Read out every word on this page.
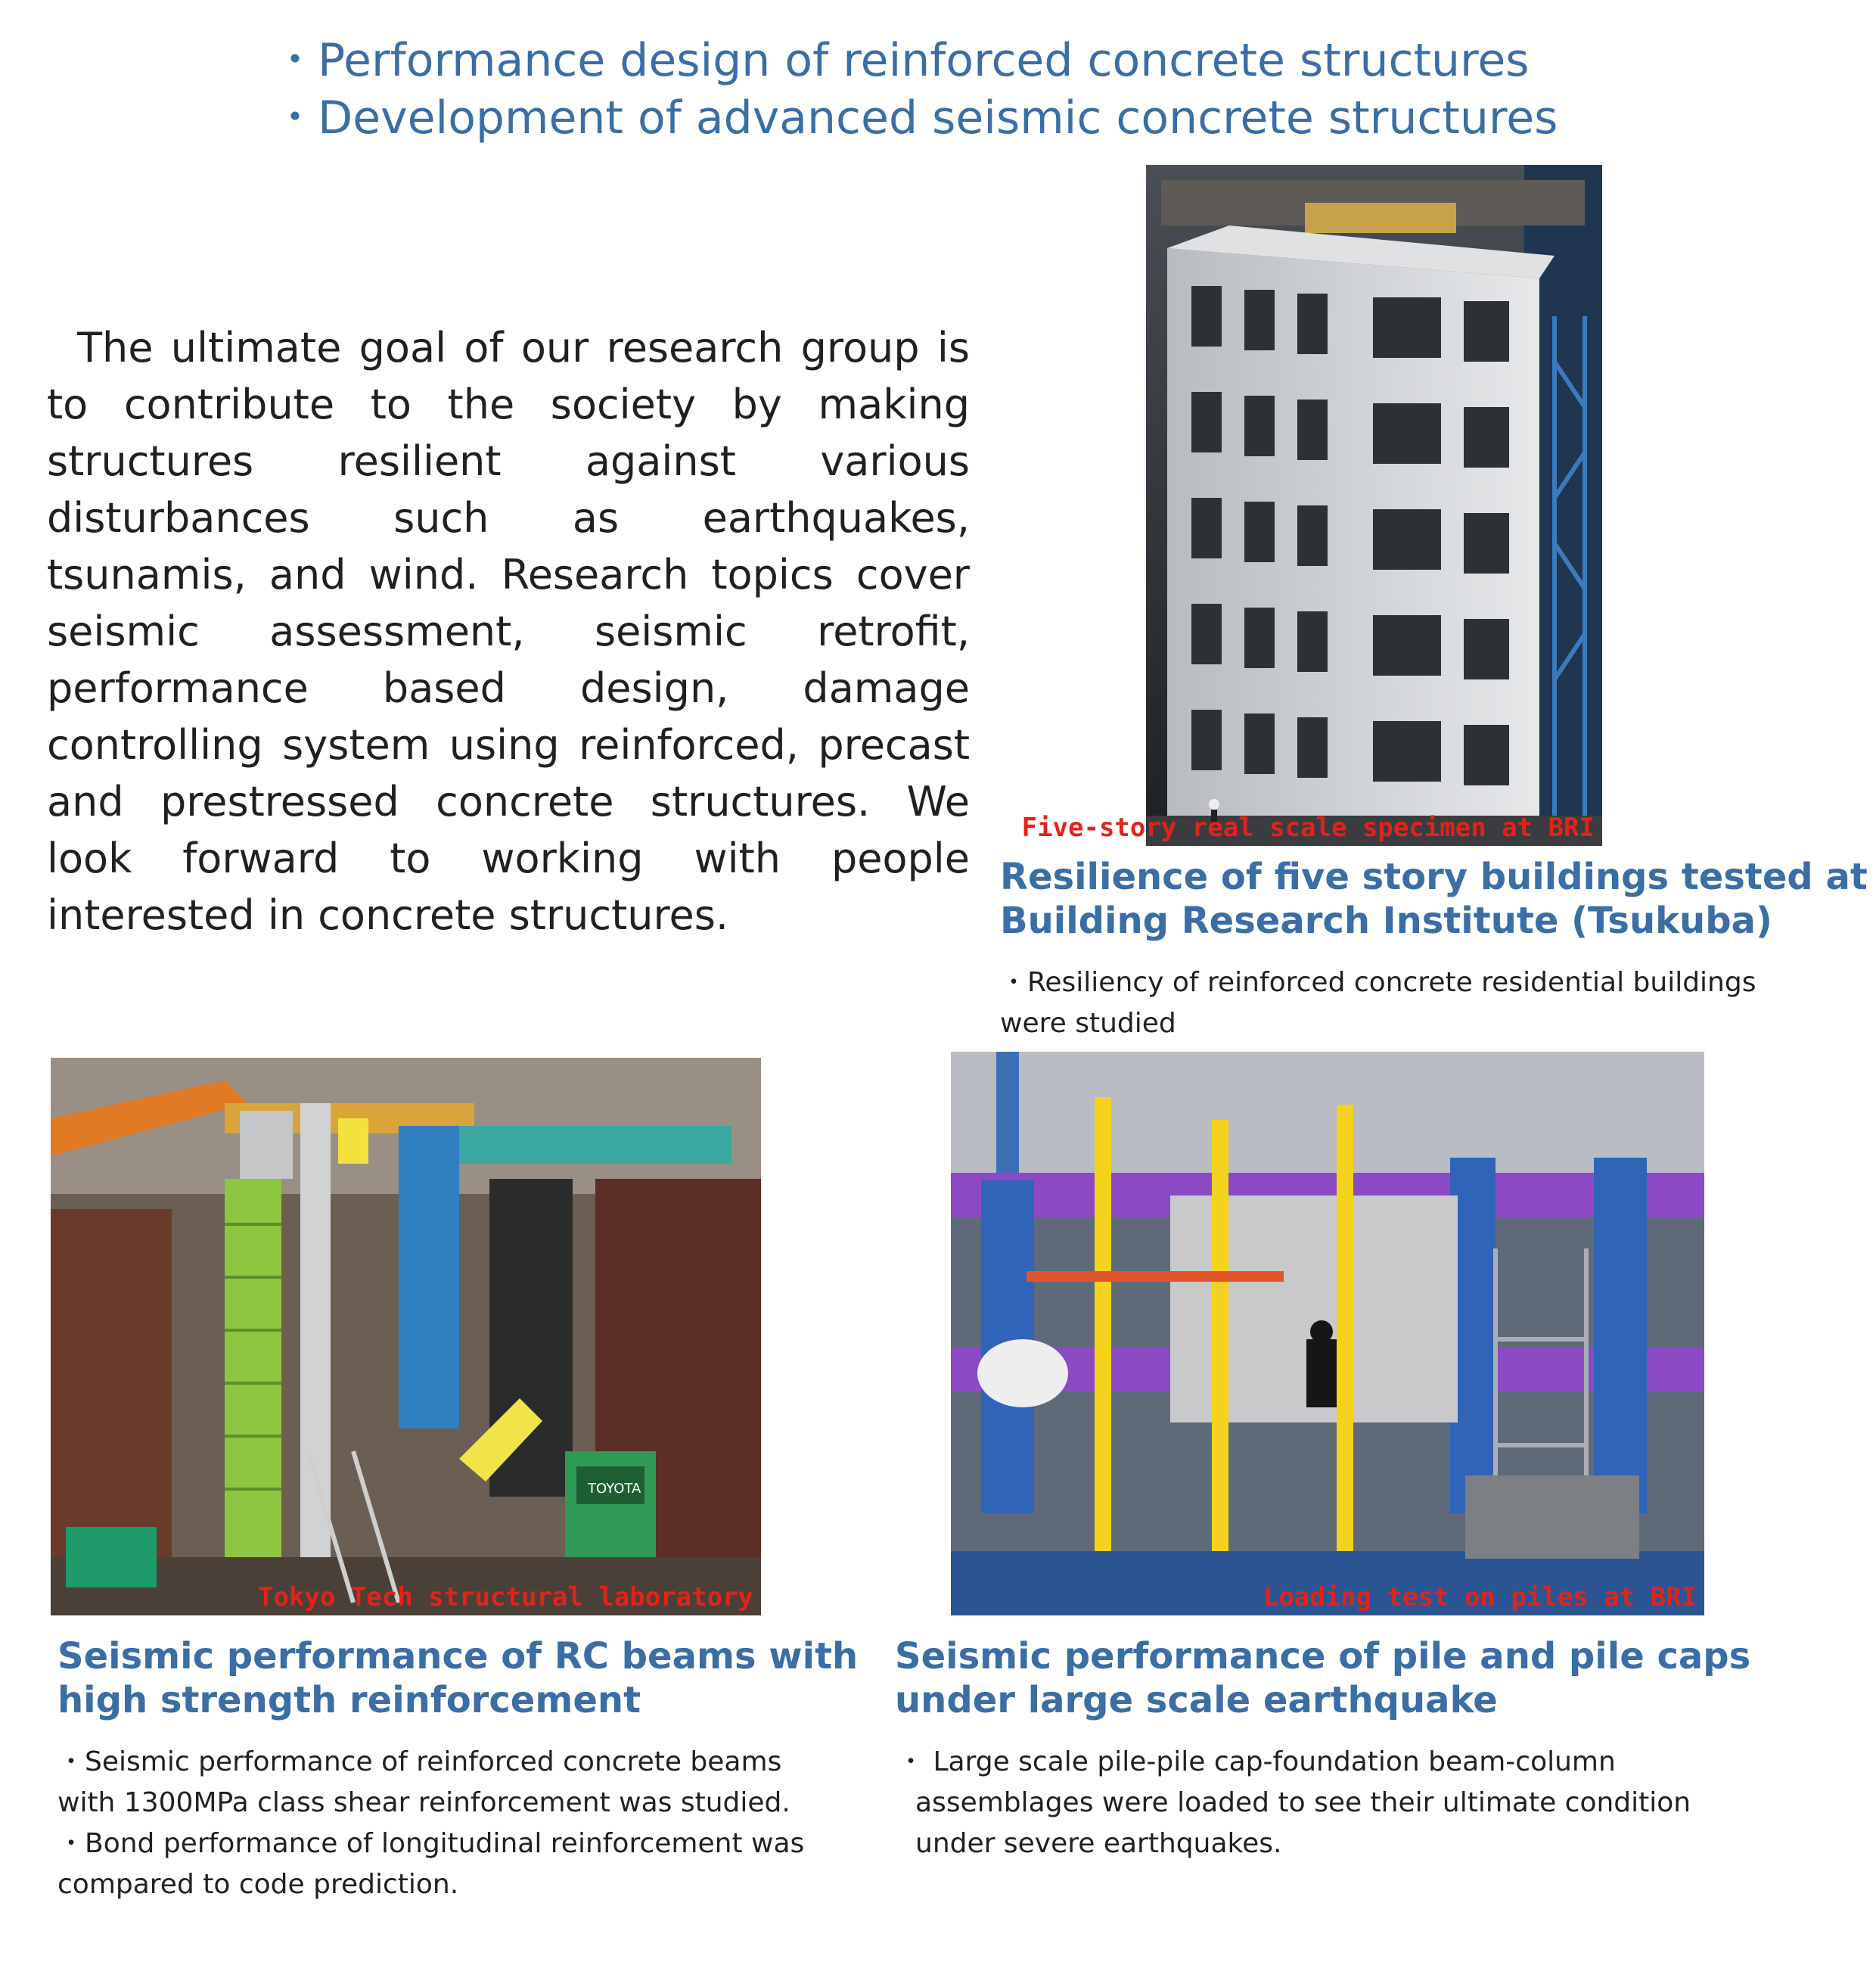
・Performance design of reinforced concrete structures
・Development of advanced seismic concrete structures
The ultimate goal of our research group is to contribute to the society by making structures resilient against various disturbances such as earthquakes, tsunamis, and wind. Research topics cover seismic assessment, seismic retrofit, performance based design, damage controlling system using reinforced, precast and prestressed concrete structures. We look forward to working with people interested in concrete structures.
Five-story real scale specimen at BRI
Resilience of five story buildings tested at
Building Research Institute (Tsukuba)
・Resiliency of reinforced concrete residential buildings
were studied
TOYOTA
Tokyo Tech structural laboratory	Loading test on piles at BRI
Seismic performance of RC beams with
high strength reinforcement
・Seismic performance of reinforced concrete beams
with 1300MPa class shear reinforcement was studied.
・Bond performance of longitudinal reinforcement was
compared to code prediction.
Seismic performance of pile and pile caps
under large scale earthquake
・ Large scale pile-pile cap-foundation beam-column
assemblages were loaded to see their ultimate condition
under severe earthquakes.
